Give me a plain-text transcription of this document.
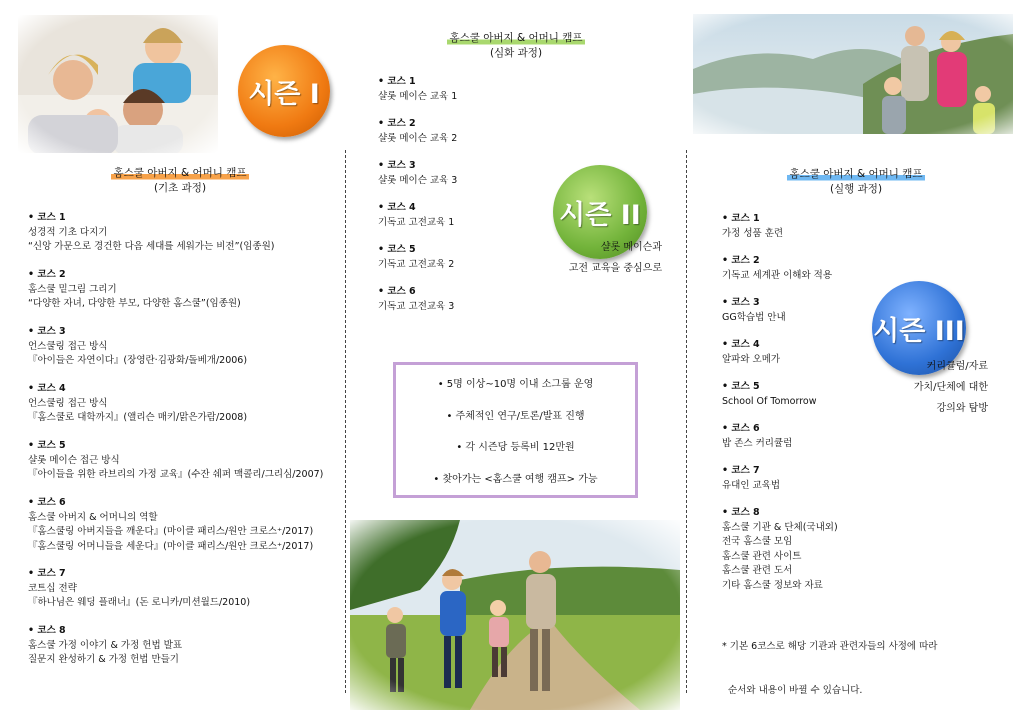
시즌 I
시즌 II
시즌 III
홈스쿨 아버지 & 어머니 캠프
(기초 과정)
• 코스 1
성경적 기초 다지기
“신앙 가문으로 경건한 다음 세대를 세워가는 비전”(임종원)
• 코스 2
홈스쿨 밑그림 그리기
“다양한 자녀, 다양한 부모, 다양한 홈스쿨”(임종원)
• 코스 3
언스쿨링 접근 방식
『아이들은 자연이다』(장영란·김광화/돌베개/2006)
• 코스 4
언스쿨링 접근 방식
『홈스쿨로 대학까지』(앨리슨 매키/맑은가람/2008)
• 코스 5
샬롯 메이슨 접근 방식
『아이들을 위한 라브리의 가정 교육』(수잔 쉐퍼 맥콜리/그리심/2007)
• 코스 6
홈스쿨 아버지 & 어머니의 역할
『홈스쿨링 아버지들을 깨운다』(마이클 패리스/원안 크로스⁺/2017)
『홈스쿨링 어머니들을 세운다』(마이클 패리스/원안 크로스⁺/2017)
• 코스 7
코트십 전략
『하나님은 웨딩 플래너』(돈 로니카/미션월드/2010)
• 코스 8
홈스쿨 가정 이야기 & 가정 헌법 발표
질문지 완성하기 & 가정 헌법 만들기
홈스쿨 아버지 & 어머니 캠프
(심화 과정)
• 코스 1
샬롯 메이슨 교육 1
• 코스 2
샬롯 메이슨 교육 2
• 코스 3
샬롯 메이슨 교육 3
• 코스 4
기독교 고전교육 1
• 코스 5
기독교 고전교육 2
• 코스 6
기독교 고전교육 3
샬롯 메이슨과
고전 교육을 중심으로
• 5명 이상~10명 이내 소그룹 운영
• 주체적인 연구/토론/발표 진행
• 각 시즌당 등록비 12만원
• 찾아가는 <홈스쿨 여행 캠프> 가능
홈스쿨 아버지 & 어머니 캠프
(실행 과정)
• 코스 1
가정 성품 훈련
• 코스 2
기독교 세계관 이해와 적용
• 코스 3
GG학습법 안내
• 코스 4
알파와 오메가
• 코스 5
School Of Tomorrow
• 코스 6
밥 존스 커리큘럼
• 코스 7
유대인 교육법
• 코스 8
홈스쿨 기관 & 단체(국내외)
전국 홈스쿨 모임
홈스쿨 관련 사이트
홈스쿨 관련 도서
기타 홈스쿨 정보와 자료
커리큘럼/자료
가치/단체에 대한
강의와 탐방

* 기본 6코스로 해당 기관과 관련자들의 사정에 따라

순서와 내용이 바뀔 수 있습니다.
